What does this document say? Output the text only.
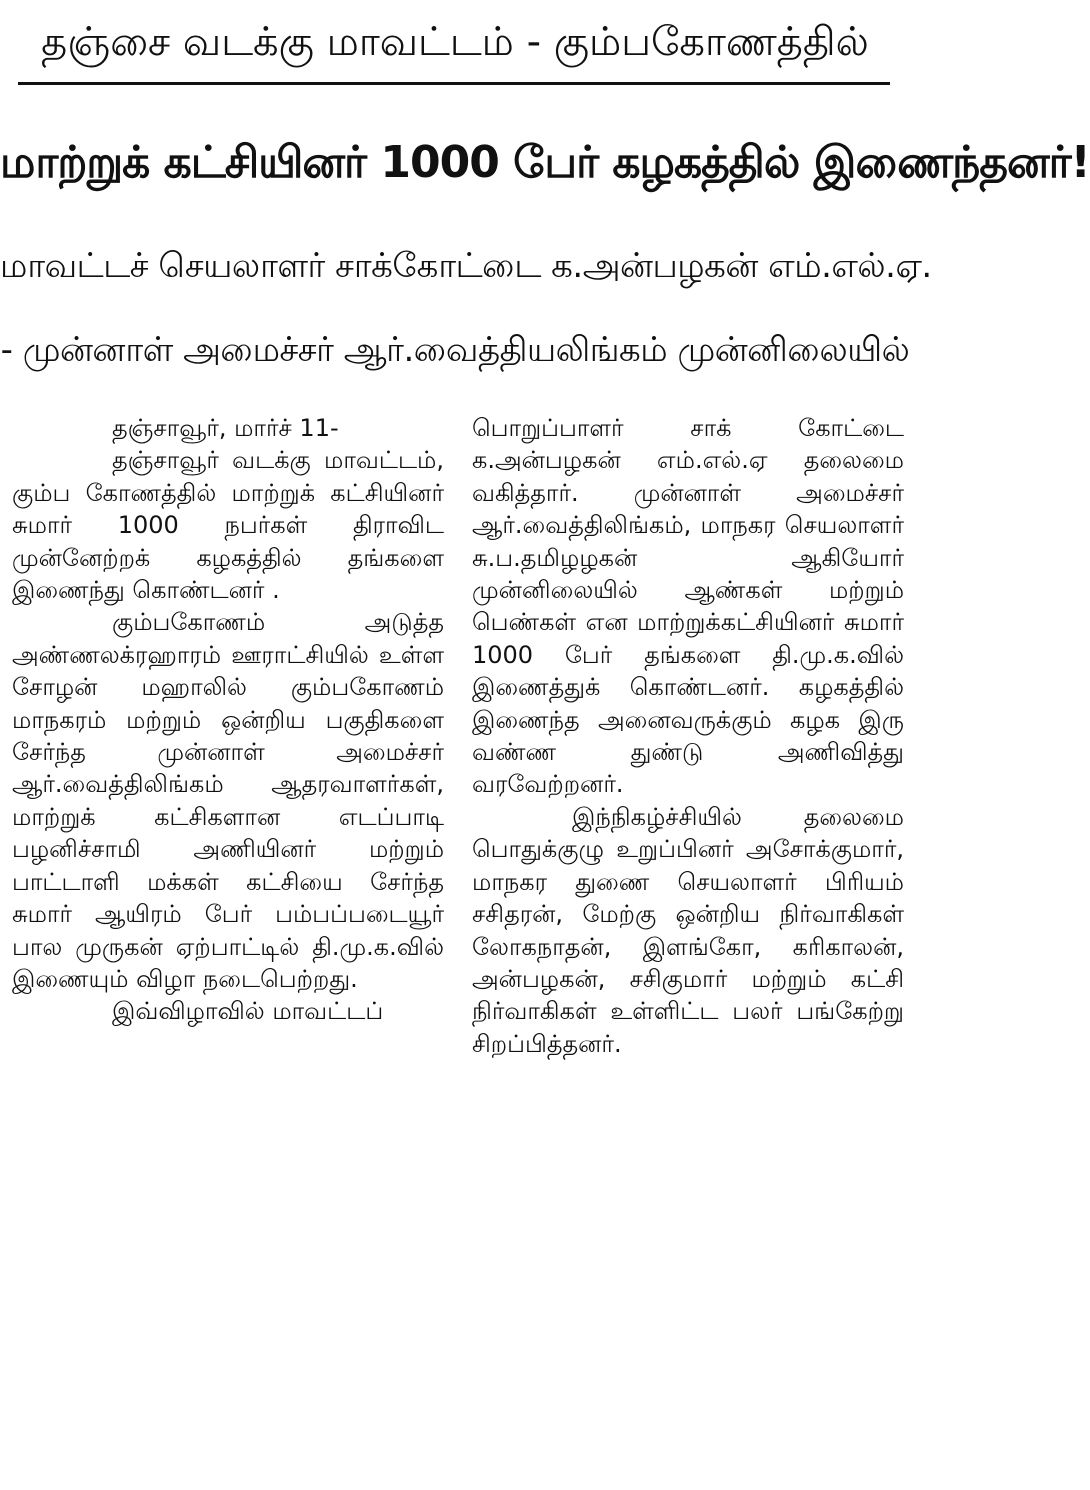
தஞ்சை வடக்கு மாவட்டம் - கும்பகோணத்தில்
மாற்றுக் கட்சியினர் 1000 பேர் கழகத்தில் இணைந்தனர்!
மாவட்டச் செயலாளர் சாக்கோட்டை க.அன்பழகன் எம்.எல்.ஏ.
- முன்னாள் அமைச்சர் ஆர்.வைத்தியலிங்கம் முன்னிலையில்

தஞ்சாவூர், மார்ச் 11-

தஞ்சாவூர் வடக்கு மாவட்டம், கும்ப கோணத்தில் மாற்றுக் கட்சியினர் சுமார் 1000 நபர்கள் திராவிட முன்னேற்றக் கழகத்தில் தங்களை இணைந்து கொண்டனர் .

கும்பகோணம் அடுத்த அண்ணலக்ரஹாரம் ஊராட்சியில் உள்ள சோழன் மஹாலில் கும்பகோணம் மாநகரம் மற்றும் ஒன்றிய பகுதிகளை சேர்ந்த முன்னாள் அமைச்சர் ஆர்.வைத்திலிங்கம் ஆதரவாளர்கள், மாற்றுக் கட்சிகளான எடப்பாடி பழனிச்சாமி அணியினர் மற்றும் பாட்டாளி மக்கள் கட்சியை சேர்ந்த சுமார் ஆயிரம் பேர் பம்பப்படையூர் பால முருகன் ஏற்பாட்டில் தி.மு.க.வில் இணையும் விழா நடைபெற்றது.

இவ்விழாவில் மாவட்டப்

பொறுப்பாளர் சாக் கோட்டை க.அன்பழகன் எம்.எல்.ஏ தலைமை வகித்தார். முன்னாள் அமைச்சர் ஆர்.வைத்திலிங்கம், மாநகர செயலாளர் சு.ப.தமிழழகன் ஆகியோர் முன்னிலையில் ஆண்கள் மற்றும் பெண்கள் என மாற்றுக்கட்சியினர் சுமார் 1000 பேர் தங்களை தி.மு.க.வில் இணைத்துக் கொண்டனர். கழகத்தில் இணைந்த அனைவருக்கும் கழக இரு வண்ண துண்டு அணிவித்து வரவேற்றனர்.

இந்நிகழ்ச்சியில் தலைமை பொதுக்குழு உறுப்பினர் அசோக்குமார், மாநகர துணை செயலாளர் பிரியம் சசிதரன், மேற்கு ஒன்றிய நிர்வாகிகள் லோகநாதன், இளங்கோ, கரிகாலன், அன்பழகன், சசிகுமார் மற்றும் கட்சி நிர்வாகிகள் உள்ளிட்ட பலர் பங்கேற்று சிறப்பித்தனர்.
